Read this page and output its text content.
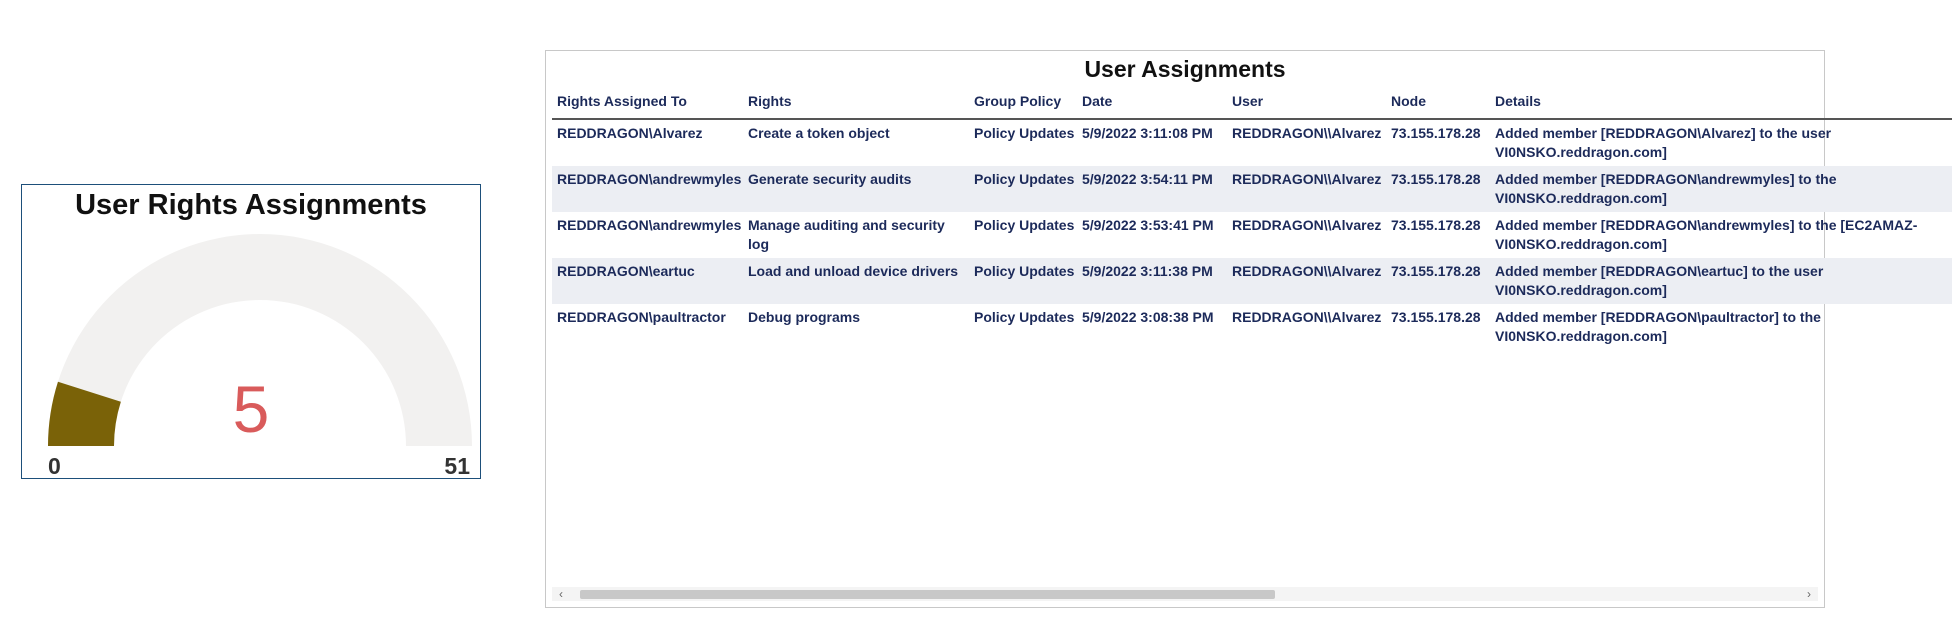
User Rights Assignments
5
0	51
User Assignments
Rights Assigned To	Rights	Group Policy	Date	User	Node	Details
REDDRAGON\Alvarez	Create a token object	Policy Updates	5/9/2022 3:11:08 PM	REDDRAGON\\Alvarez	73.155.178.28	Added member [REDDRAGON\Alvarez] to the user VI0NSKO.reddragon.com]
REDDRAGON\andrewmyles	Generate security audits	Policy Updates	5/9/2022 3:54:11 PM	REDDRAGON\\Alvarez	73.155.178.28	Added member [REDDRAGON\andrewmyles] to the VI0NSKO.reddragon.com]
REDDRAGON\andrewmyles	Manage auditing and security log	Policy Updates	5/9/2022 3:53:41 PM	REDDRAGON\\Alvarez	73.155.178.28	Added member [REDDRAGON\andrewmyles] to the [EC2AMAZ-VI0NSKO.reddragon.com]
REDDRAGON\eartuc	Load and unload device drivers	Policy Updates	5/9/2022 3:11:38 PM	REDDRAGON\\Alvarez	73.155.178.28	Added member [REDDRAGON\eartuc] to the user VI0NSKO.reddragon.com]
REDDRAGON\paultractor	Debug programs	Policy Updates	5/9/2022 3:08:38 PM	REDDRAGON\\Alvarez	73.155.178.28	Added member [REDDRAGON\paultractor] to the VI0NSKO.reddragon.com]
‹	›
